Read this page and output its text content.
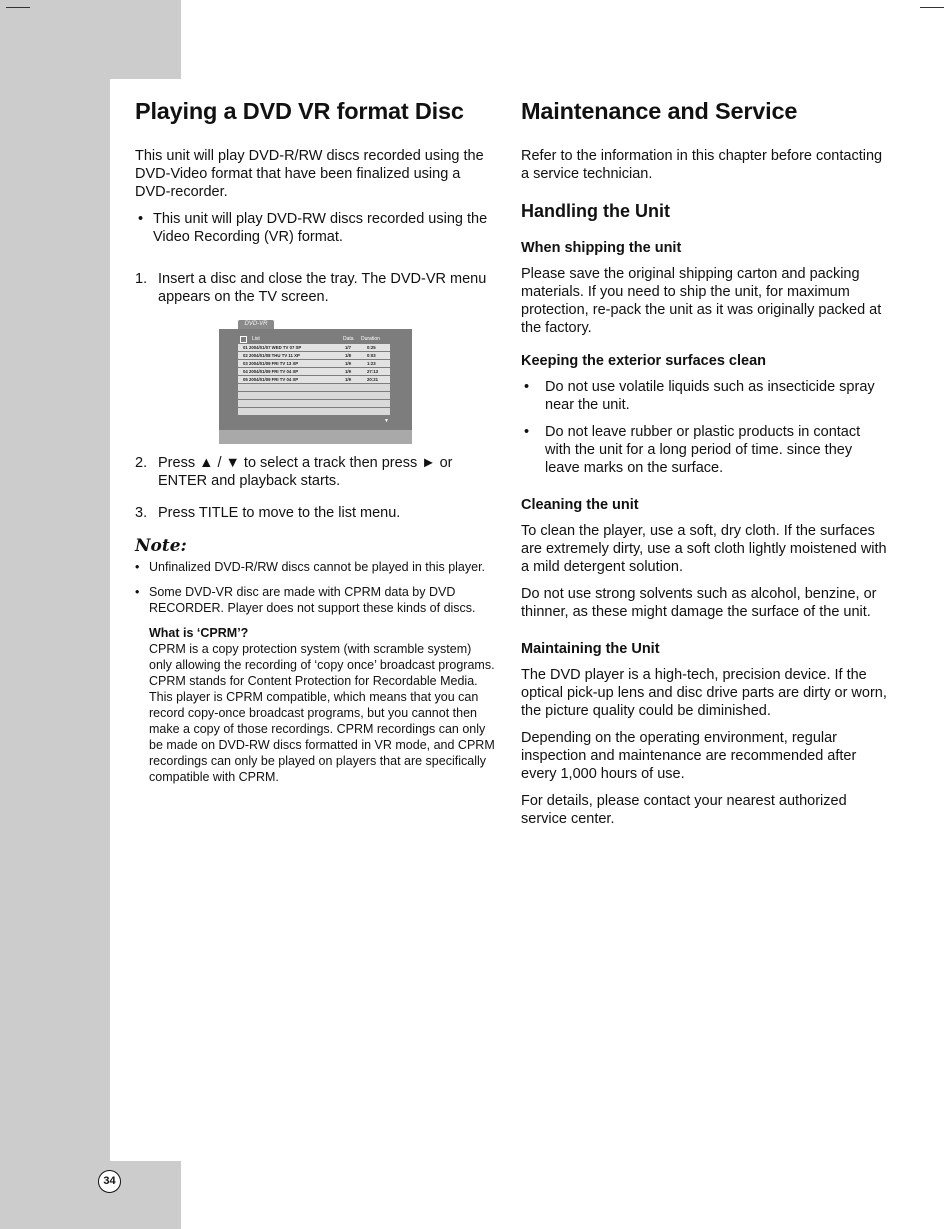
Playing a DVD VR format Disc

This unit will play DVD-R/RW discs recorded using the DVD-Video format that have been finalized using a DVD-recorder.

• This unit will play DVD-RW discs recorded using the Video Recording (VR) format.
1. Insert a disc and close the tray. The DVD-VR menu appears on the TV screen.
DVD-VR
List	Data Duration
01 2004/01/07 WED TV 07 SP	1/7	0:25
02 2004/01/08 THU TV 11 XP	1/8	0:03
03 2004/01/09 FRI TV 13 XP	1/9	1:23
04 2004/01/09 FRI TV 04 XP	1/9	27:13
05 2004/01/09 FRI TV 04 XP	1/9	20:21
▼
2. Press ▲ / ▼ to select a track then press ► or ENTER and playback starts.
3. Press TITLE to move to the list menu.
Note:
• Unfinalized DVD-R/RW discs cannot be played in this player.
• Some DVD-VR disc are made with CPRM data by DVD RECORDER. Player does not support these kinds of discs.
What is ‘CPRM’?
CPRM is a copy protection system (with scramble system) only allowing the recording of ‘copy once’ broadcast programs. CPRM stands for Content Protection for Recordable Media.
This player is CPRM compatible, which means that you can record copy-once broadcast programs, but you cannot then make a copy of those recordings. CPRM recordings can only be made on DVD-RW discs formatted in VR mode, and CPRM recordings can only be played on players that are specifically compatible with CPRM.
Maintenance and Service

Refer to the information in this chapter before contacting a service technician.

Handling the Unit
When shipping the unit

Please save the original shipping carton and packing materials. If you need to ship the unit, for maximum protection, re-pack the unit as it was originally packed at the factory.

Keeping the exterior surfaces clean
• Do not use volatile liquids such as insecticide spray near the unit.
• Do not leave rubber or plastic products in contact with the unit for a long period of time. since they leave marks on the surface.
Cleaning the unit

To clean the player, use a soft, dry cloth. If the surfaces are extremely dirty, use a soft cloth lightly moistened with a mild detergent solution.

Do not use strong solvents such as alcohol, benzine, or thinner, as these might damage the surface of the unit.

Maintaining the Unit

The DVD player is a high-tech, precision device. If the optical pick-up lens and disc drive parts are dirty or worn, the picture quality could be diminished.

Depending on the operating environment, regular inspection and maintenance are recommended after every 1,000 hours of use.

For details, please contact your nearest authorized service center.

34
